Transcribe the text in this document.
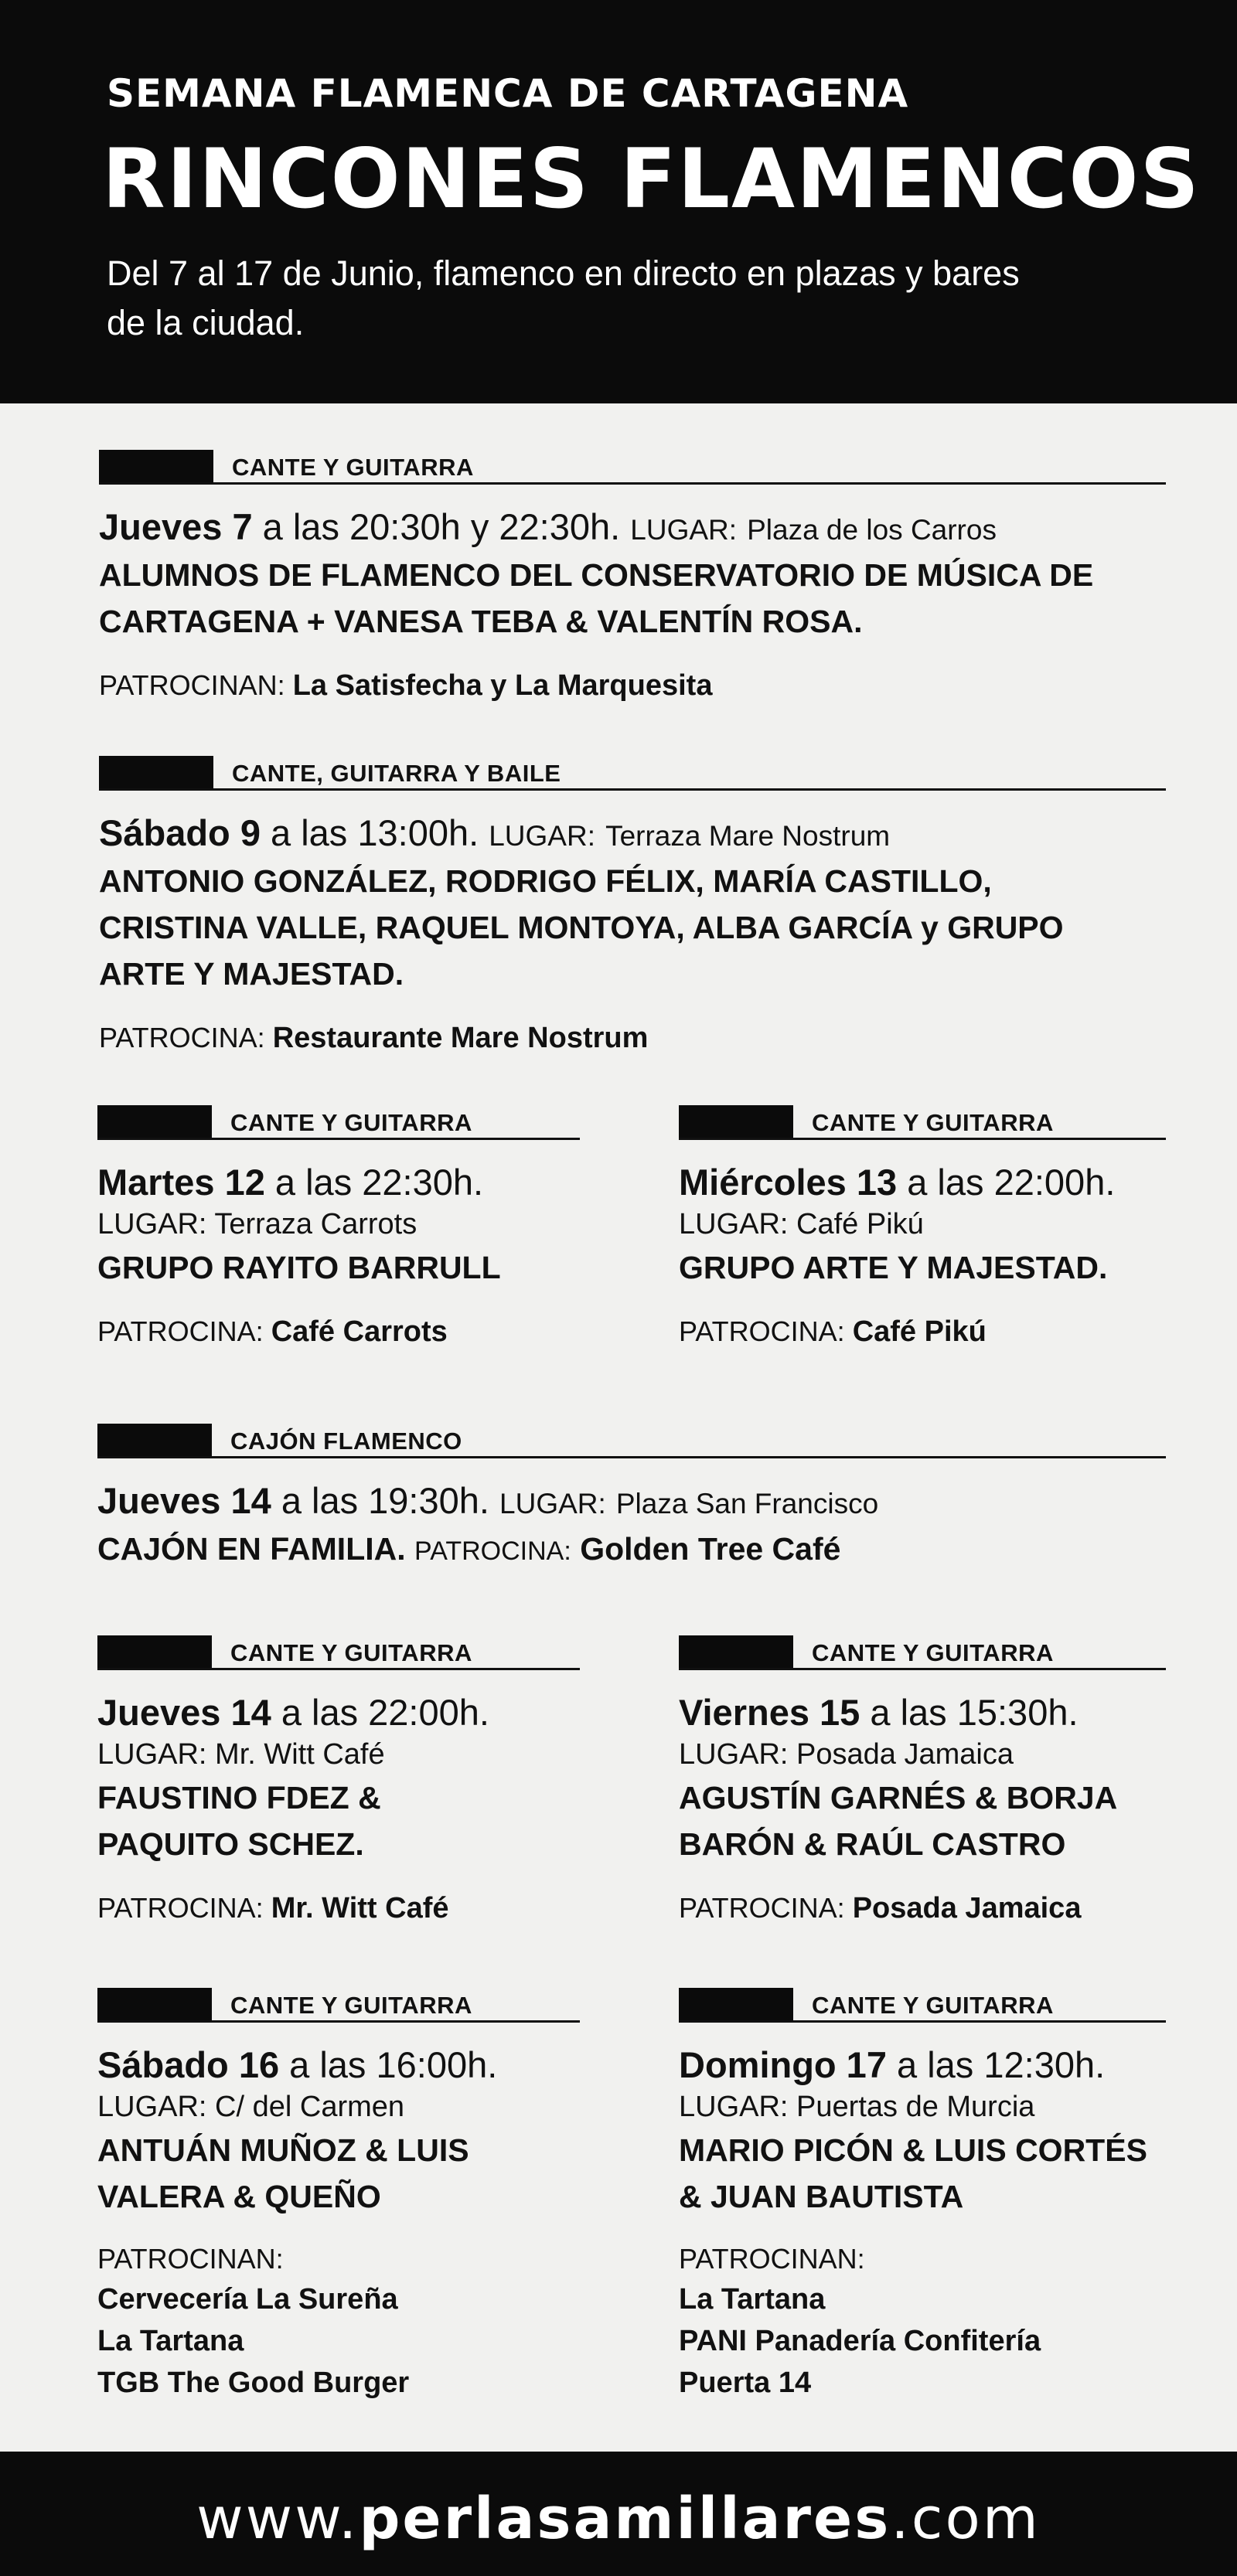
SEMANA FLAMENCA DE CARTAGENA
RINCONES FLAMENCOS
Del 7 al 17 de Junio, flamenco en directo en plazas y bares de la ciudad.
CANTE Y GUITARRA
Jueves 7 a las 20:30h y 22:30h. LUGAR: Plaza de los Carros
ALUMNOS DE FLAMENCO DEL CONSERVATORIO DE MÚSICA DE CARTAGENA + VANESA TEBA & VALENTÍN ROSA.
PATROCINAN: La Satisfecha y La Marquesita
CANTE, GUITARRA Y BAILE
Sábado 9 a las 13:00h. LUGAR: Terraza Mare Nostrum
ANTONIO GONZÁLEZ, RODRIGO FÉLIX, MARÍA CASTILLO, CRISTINA VALLE, RAQUEL MONTOYA, ALBA GARCÍA y GRUPO ARTE Y MAJESTAD.
PATROCINA: Restaurante Mare Nostrum
CANTE Y GUITARRA
Martes 12 a las 22:30h.
LUGAR: Terraza Carrots
GRUPO RAYITO BARRULL
PATROCINA: Café Carrots
CANTE Y GUITARRA
Miércoles 13 a las 22:00h.
LUGAR: Café Pikú
GRUPO ARTE Y MAJESTAD.
PATROCINA: Café Pikú
CAJÓN FLAMENCO
Jueves 14 a las 19:30h. LUGAR: Plaza San Francisco
CAJÓN EN FAMILIA. PATROCINA: Golden Tree Café
CANTE Y GUITARRA
Jueves 14 a las 22:00h.
LUGAR: Mr. Witt Café
FAUSTINO FDEZ & PAQUITO SCHEZ.
PATROCINA: Mr. Witt Café
CANTE Y GUITARRA
Viernes 15 a las 15:30h.
LUGAR: Posada Jamaica
AGUSTÍN GARNÉS & BORJA BARÓN & RAÚL CASTRO
PATROCINA: Posada Jamaica
CANTE Y GUITARRA
Sábado 16 a las 16:00h.
LUGAR: C/ del Carmen
ANTUÁN MUÑOZ & LUIS VALERA & QUEÑO
PATROCINAN:
Cervecería La Sureña
La Tartana
TGB The Good Burger
CANTE Y GUITARRA
Domingo 17 a las 12:30h.
LUGAR: Puertas de Murcia
MARIO PICÓN & LUIS CORTÉS & JUAN BAUTISTA
PATROCINAN:
La Tartana
PANI Panadería Confitería
Puerta 14
www.perlasamillares.com
